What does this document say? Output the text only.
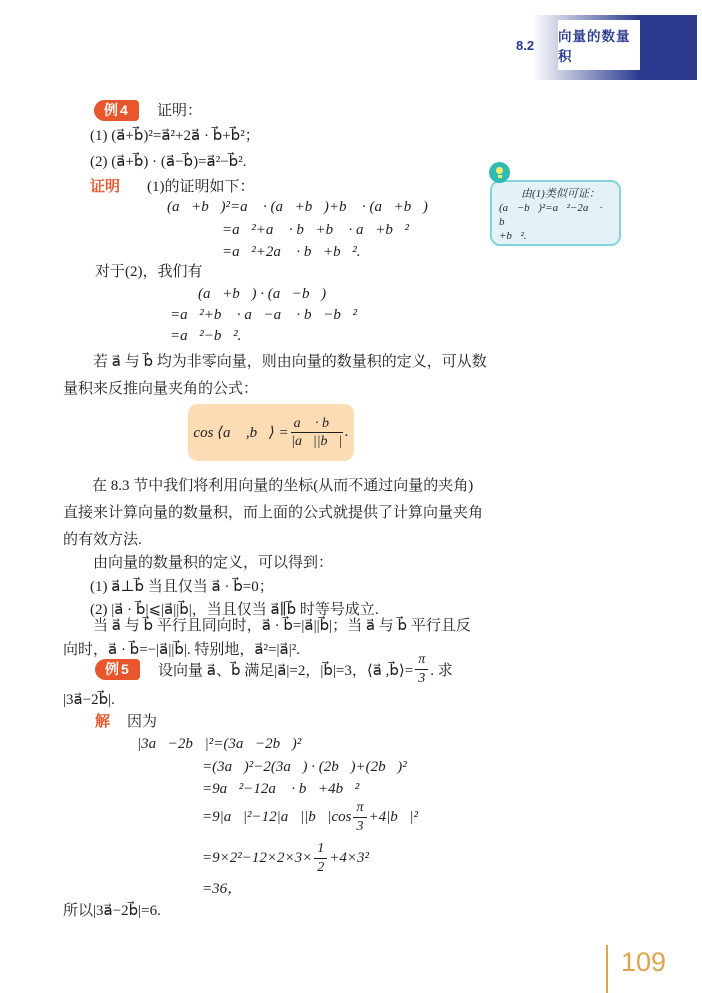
8.2
向量的数量积
例4	证明：
(1) (a⃗+b⃗)²=a⃗²+2a⃗ · b⃗+b⃗²；
(2) (a⃗+b⃗) · (a⃗−b⃗)=a⃗²−b⃗².
证明 (1)的证明如下：
(a⃗+b⃗)²=a⃗ · (a⃗+b⃗)+b⃗ · (a⃗+b⃗)
=a⃗²+a⃗ · b⃗+b⃗ · a⃗+b⃗²
=a⃗²+2a⃗ · b⃗+b⃗².
对于(2)，我们有
(a⃗+b⃗) · (a⃗−b⃗)
=a⃗²+b⃗ · a⃗−a⃗ · b⃗−b⃗²
=a⃗²−b⃗².
由(1)类似可证：
(a⃗−b⃗)²=a⃗²−2a⃗ · b⃗
+b⃗².
若 a⃗ 与 b⃗ 均为非零向量，则由向量的数量积的定义，可从数
量积来反推向量夹角的公式：
cos ⟨a⃗ ,b⃗⟩ = $\frac{a⃗ \cdot b⃗}{|a⃗||b⃗|}$ .
在 8.3 节中我们将利用向量的坐标(从而不通过向量的夹角)
直接来计算向量的数量积，而上面的公式就提供了计算向量夹角
的有效方法.
由向量的数量积的定义，可以得到：
(1) a⃗⊥b⃗ 当且仅当 a⃗ · b⃗=0；
(2) |a⃗ · b⃗|⩽|a⃗||b⃗|，当且仅当 a⃗∥b⃗ 时等号成立.
当 a⃗ 与 b⃗ 平行且同向时，a⃗ · b⃗=|a⃗||b⃗|；当 a⃗ 与 b⃗ 平行且反
向时，a⃗ · b⃗=−|a⃗||b⃗|. 特别地，a⃗²=|a⃗|².
例5	设向量 a⃗、b⃗ 满足|a⃗|=2，|b⃗|=3，⟨a⃗ ,b⃗⟩= $\frac{\pi}{3}$ . 求
|3a⃗−2b⃗|.
解 因为
|3a⃗−2b⃗|²=(3a⃗−2b⃗)²
=(3a⃗)²−2(3a⃗) · (2b⃗)+(2b⃗)²
=9a⃗²−12a⃗ · b⃗+4b⃗²
=9|a⃗|²−12|a⃗||b⃗|cos $\frac{\pi}{3}$ +4|b⃗|²
$=9\times 2^2-12\times 2\times 3\times \frac{1}{2} +4\times 3^2$
=36，
所以|3a⃗−2b⃗|=6.
109
